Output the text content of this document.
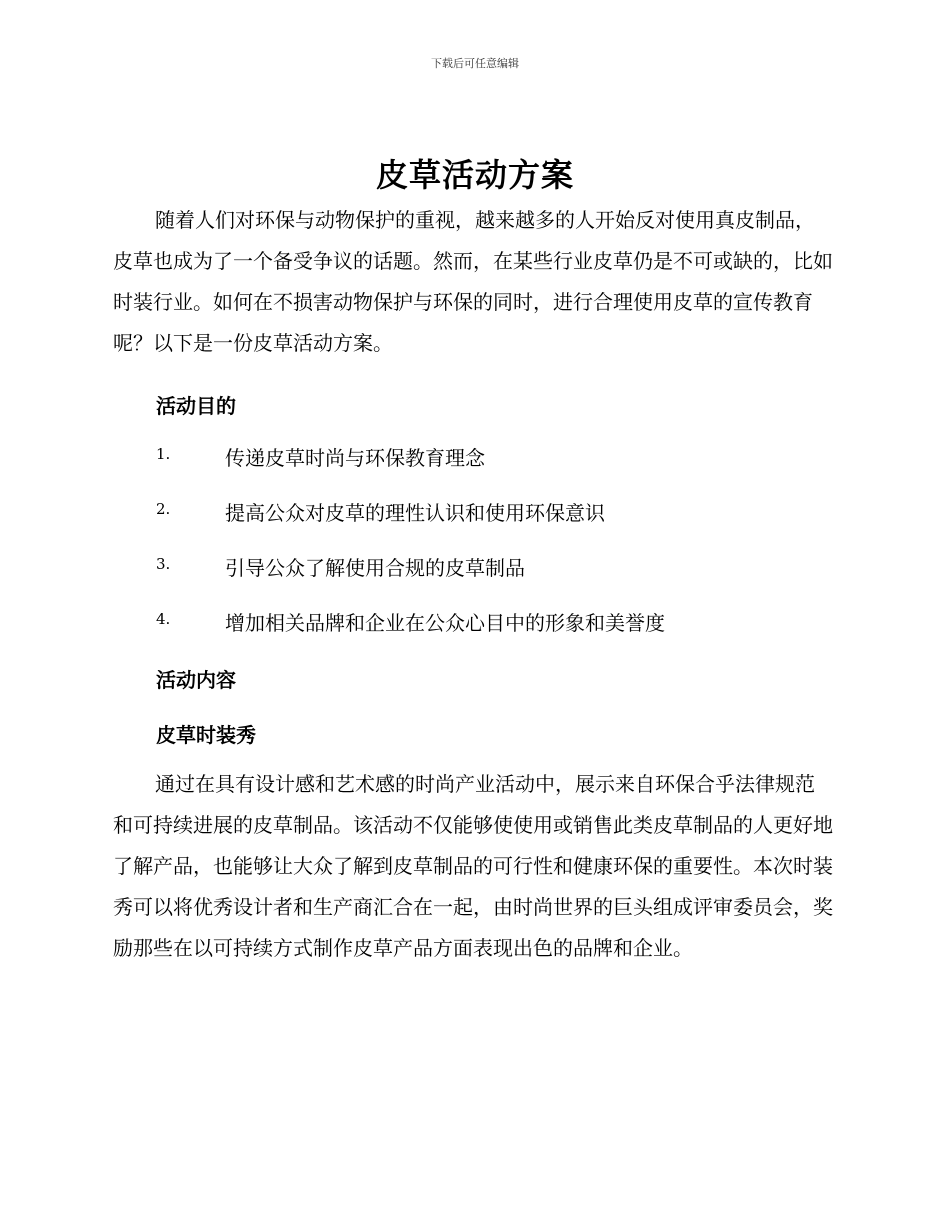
下载后可任意编辑
皮草活动方案

随着人们对环保与动物保护的重视，越来越多的人开始反对使用真皮制品，皮草也成为了一个备受争议的话题。然而，在某些行业皮草仍是不可或缺的，比如时装行业。如何在不损害动物保护与环保的同时，进行合理使用皮草的宣传教育呢？以下是一份皮草活动方案。

活动目的
1.	传递皮草时尚与环保教育理念
2.	提高公众对皮草的理性认识和使用环保意识
3.	引导公众了解使用合规的皮草制品
4.	增加相关品牌和企业在公众心目中的形象和美誉度
活动内容
皮草时装秀

通过在具有设计感和艺术感的时尚产业活动中，展示来自环保合乎法律规范和可持续进展的皮草制品。该活动不仅能够使使用或销售此类皮草制品的人更好地了解产品，也能够让大众了解到皮草制品的可行性和健康环保的重要性。本次时装秀可以将优秀设计者和生产商汇合在一起，由时尚世界的巨头组成评审委员会，奖励那些在以可持续方式制作皮草产品方面表现出色的品牌和企业。
